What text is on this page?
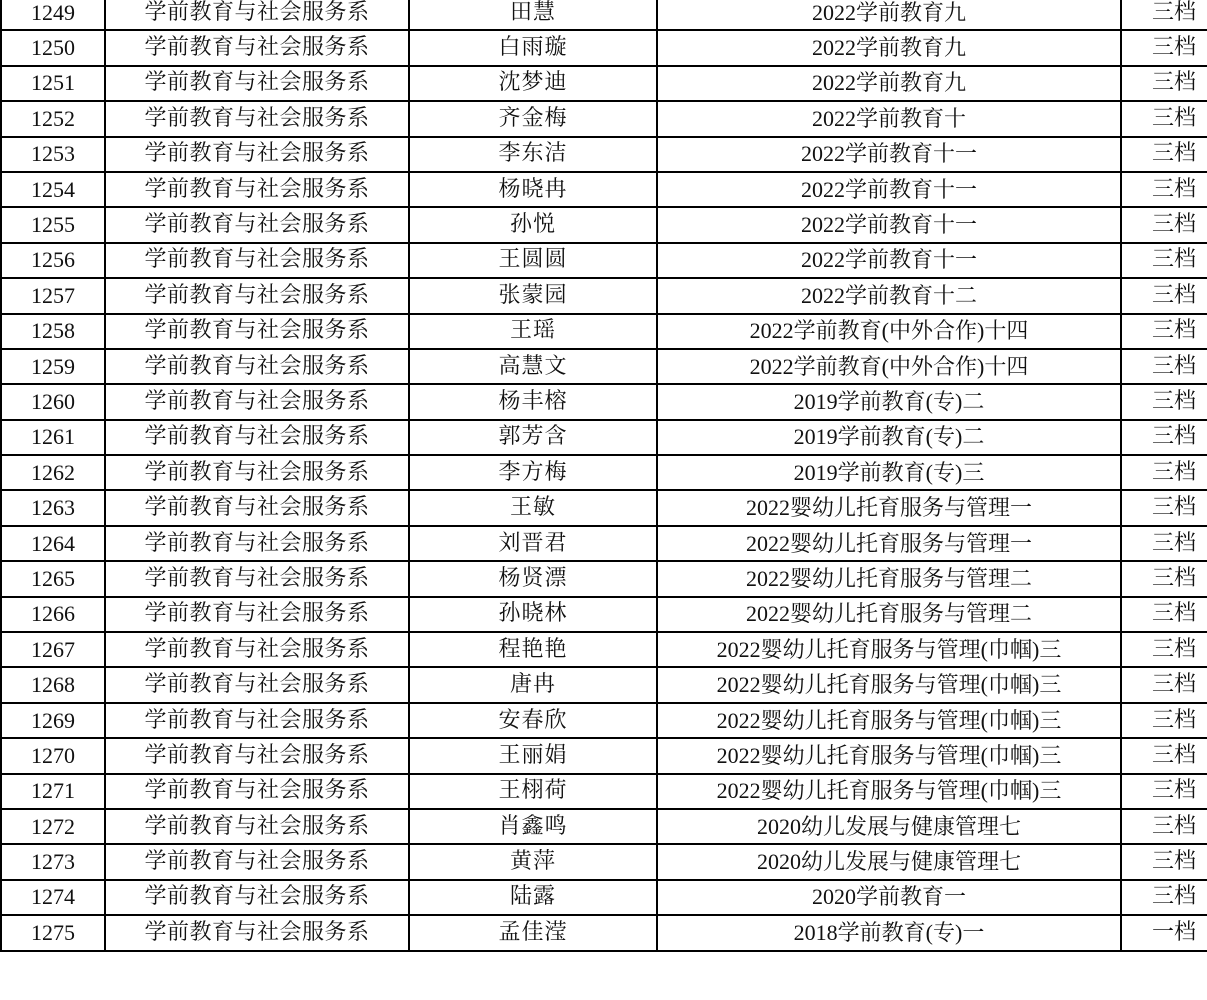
1249	学前教育与社会服务系	田慧	2022学前教育九	三档
1250	学前教育与社会服务系	白雨璇	2022学前教育九	三档
1251	学前教育与社会服务系	沈梦迪	2022学前教育九	三档
1252	学前教育与社会服务系	齐金梅	2022学前教育十	三档
1253	学前教育与社会服务系	李东洁	2022学前教育十一	三档
1254	学前教育与社会服务系	杨晓冉	2022学前教育十一	三档
1255	学前教育与社会服务系	孙悦	2022学前教育十一	三档
1256	学前教育与社会服务系	王圆圆	2022学前教育十一	三档
1257	学前教育与社会服务系	张蒙园	2022学前教育十二	三档
1258	学前教育与社会服务系	王瑶	2022学前教育(中外合作)十四	三档
1259	学前教育与社会服务系	高慧文	2022学前教育(中外合作)十四	三档
1260	学前教育与社会服务系	杨丰榕	2019学前教育(专)二	三档
1261	学前教育与社会服务系	郭芳含	2019学前教育(专)二	三档
1262	学前教育与社会服务系	李方梅	2019学前教育(专)三	三档
1263	学前教育与社会服务系	王敏	2022婴幼儿托育服务与管理一	三档
1264	学前教育与社会服务系	刘晋君	2022婴幼儿托育服务与管理一	三档
1265	学前教育与社会服务系	杨贤漂	2022婴幼儿托育服务与管理二	三档
1266	学前教育与社会服务系	孙晓林	2022婴幼儿托育服务与管理二	三档
1267	学前教育与社会服务系	程艳艳	2022婴幼儿托育服务与管理(巾帼)三	三档
1268	学前教育与社会服务系	唐冉	2022婴幼儿托育服务与管理(巾帼)三	三档
1269	学前教育与社会服务系	安春欣	2022婴幼儿托育服务与管理(巾帼)三	三档
1270	学前教育与社会服务系	王丽娟	2022婴幼儿托育服务与管理(巾帼)三	三档
1271	学前教育与社会服务系	王栩荷	2022婴幼儿托育服务与管理(巾帼)三	三档
1272	学前教育与社会服务系	肖鑫鸣	2020幼儿发展与健康管理七	三档
1273	学前教育与社会服务系	黄萍	2020幼儿发展与健康管理七	三档
1274	学前教育与社会服务系	陆露	2020学前教育一	三档
1275	学前教育与社会服务系	孟佳滢	2018学前教育(专)一	一档
